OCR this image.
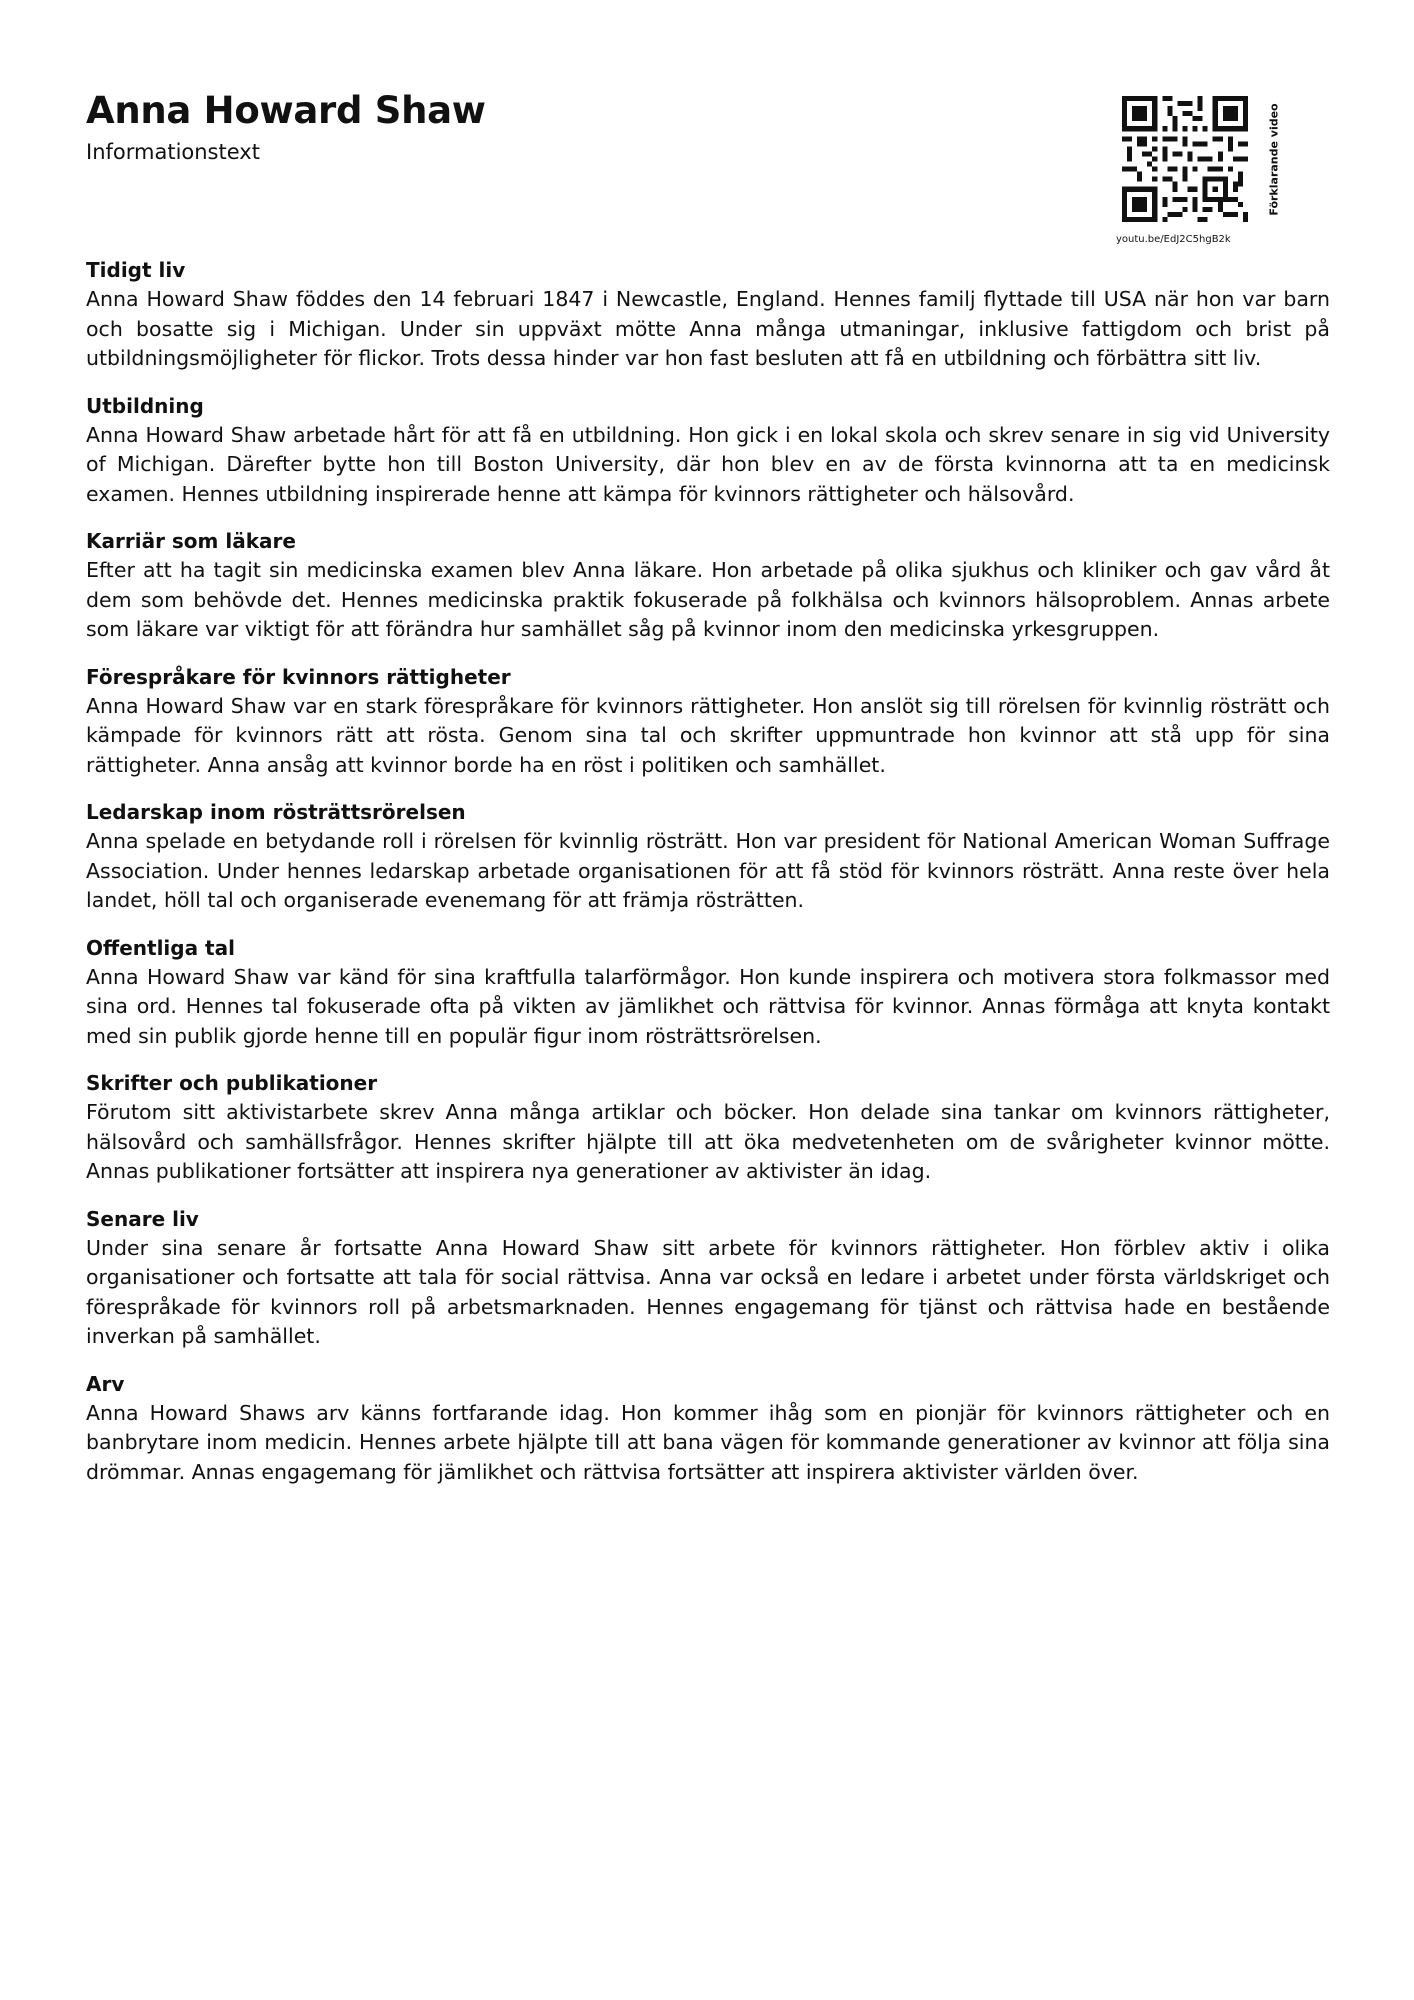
Anna Howard Shaw

Informationstext	Förklarande video
youtu.be/EdJ2C5hgB2k
Tidigt liv

Anna Howard Shaw föddes den 14 februari 1847 i Newcastle, England. Hennes familj flyttade till USA när hon var barn och bosatte sig i Michigan. Under sin uppväxt mötte Anna många utmaningar, inklusive fattigdom och brist på utbildningsmöjligheter för flickor. Trots dessa hinder var hon fast besluten att få en utbildning och förbättra sitt liv.

Utbildning

Anna Howard Shaw arbetade hårt för att få en utbildning. Hon gick i en lokal skola och skrev senare in sig vid University of Michigan. Därefter bytte hon till Boston University, där hon blev en av de första kvinnorna att ta en medicinsk examen. Hennes utbildning inspirerade henne att kämpa för kvinnors rättigheter och hälsovård.

Karriär som läkare

Efter att ha tagit sin medicinska examen blev Anna läkare. Hon arbetade på olika sjukhus och kliniker och gav vård åt dem som behövde det. Hennes medicinska praktik fokuserade på folkhälsa och kvinnors hälsoproblem. Annas arbete som läkare var viktigt för att förändra hur samhället såg på kvinnor inom den medicinska yrkesgruppen.

Förespråkare för kvinnors rättigheter

Anna Howard Shaw var en stark förespråkare för kvinnors rättigheter. Hon anslöt sig till rörelsen för kvinnlig rösträtt och kämpade för kvinnors rätt att rösta. Genom sina tal och skrifter uppmuntrade hon kvinnor att stå upp för sina rättigheter. Anna ansåg att kvinnor borde ha en röst i politiken och samhället.

Ledarskap inom rösträttsrörelsen

Anna spelade en betydande roll i rörelsen för kvinnlig rösträtt. Hon var president för National American Woman Suffrage Association. Under hennes ledarskap arbetade organisationen för att få stöd för kvinnors rösträtt. Anna reste över hela landet, höll tal och organiserade evenemang för att främja rösträtten.

Offentliga tal

Anna Howard Shaw var känd för sina kraftfulla talarförmågor. Hon kunde inspirera och motivera stora folkmassor med sina ord. Hennes tal fokuserade ofta på vikten av jämlikhet och rättvisa för kvinnor. Annas förmåga att knyta kontakt med sin publik gjorde henne till en populär figur inom rösträttsrörelsen.

Skrifter och publikationer

Förutom sitt aktivistarbete skrev Anna många artiklar och böcker. Hon delade sina tankar om kvinnors rättigheter, hälsovård och samhällsfrågor. Hennes skrifter hjälpte till att öka medvetenheten om de svårigheter kvinnor mötte. Annas publikationer fortsätter att inspirera nya generationer av aktivister än idag.

Senare liv

Under sina senare år fortsatte Anna Howard Shaw sitt arbete för kvinnors rättigheter. Hon förblev aktiv i olika organisationer och fortsatte att tala för social rättvisa. Anna var också en ledare i arbetet under första världskriget och förespråkade för kvinnors roll på arbetsmarknaden. Hennes engagemang för tjänst och rättvisa hade en bestående inverkan på samhället.

Arv

Anna Howard Shaws arv känns fortfarande idag. Hon kommer ihåg som en pionjär för kvinnors rättigheter och en banbrytare inom medicin. Hennes arbete hjälpte till att bana vägen för kommande generationer av kvinnor att följa sina drömmar. Annas engagemang för jämlikhet och rättvisa fortsätter att inspirera aktivister världen över.
